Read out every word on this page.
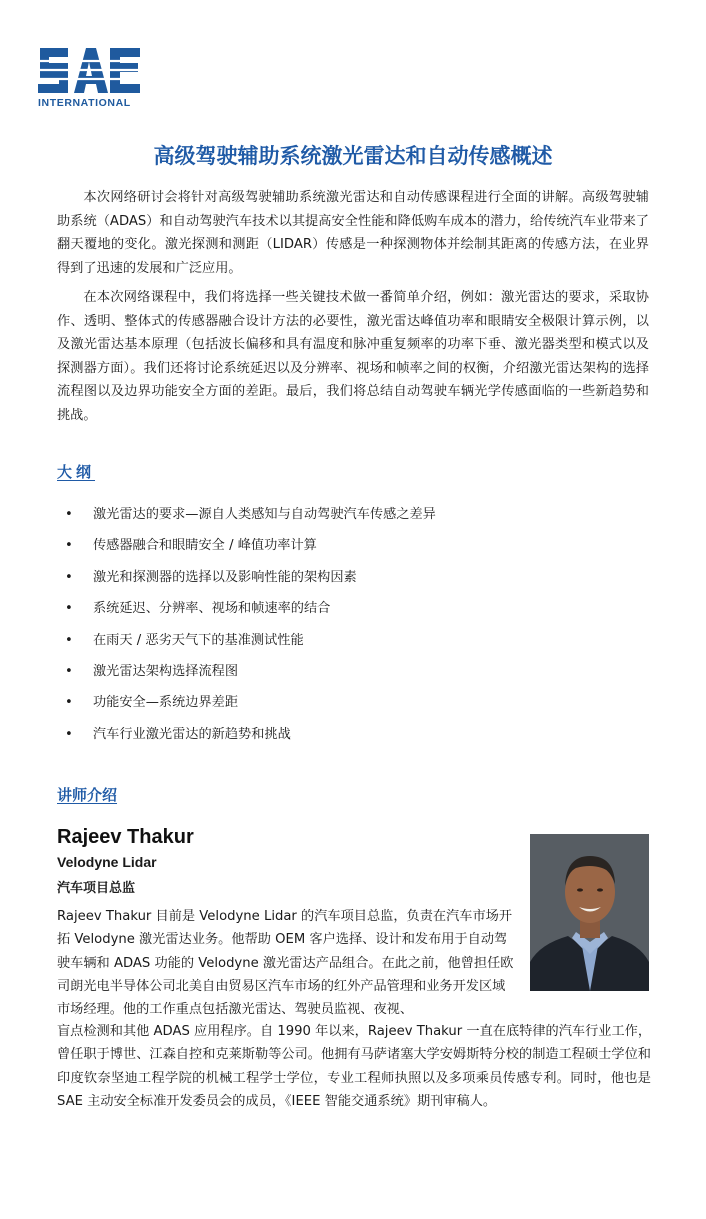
INTERNATIONAL
高级驾驶辅助系统激光雷达和自动传感概述

本次网络研讨会将针对高级驾驶辅助系统激光雷达和自动传感课程进行全面的讲解。高级驾驶辅助系统（ADAS）和自动驾驶汽车技术以其提高安全性能和降低购车成本的潜力，给传统汽车业带来了翻天覆地的变化。激光探测和测距（LIDAR）传感是一种探测物体并绘制其距离的传感方法，在业界得到了迅速的发展和广泛应用。

在本次网络课程中，我们将选择一些关键技术做一番简单介绍，例如：激光雷达的要求，采取协作、透明、整体式的传感器融合设计方法的必要性，激光雷达峰值功率和眼睛安全极限计算示例，以及激光雷达基本原理（包括波长偏移和具有温度和脉冲重复频率的功率下垂、激光器类型和模式以及探测器方面）。我们还将讨论系统延迟以及分辨率、视场和帧率之间的权衡，介绍激光雷达架构的选择流程图以及边界功能安全方面的差距。最后，我们将总结自动驾驶车辆光学传感面临的一些新趋势和挑战。

大纲
• 激光雷达的要求—源自人类感知与自动驾驶汽车传感之差异
• 传感器融合和眼睛安全 / 峰值功率计算
• 激光和探测器的选择以及影响性能的架构因素
• 系统延迟、分辨率、视场和帧速率的结合
• 在雨天 / 恶劣天气下的基准测试性能
• 激光雷达架构选择流程图
• 功能安全—系统边界差距
• 汽车行业激光雷达的新趋势和挑战
讲师介绍
Rajeev Thakur
Velodyne Lidar
汽车项目总监

Rajeev Thakur 目前是 Velodyne Lidar 的汽车项目总监，负责在汽车市场开拓 Velodyne 激光雷达业务。他帮助 OEM 客户选择、设计和发布用于自动驾驶车辆和 ADAS 功能的 Velodyne 激光雷达产品组合。在此之前，他曾担任欧司朗光电半导体公司北美自由贸易区汽车市场的红外产品管理和业务开发区域市场经理。他的工作重点包括激光雷达、驾驶员监视、夜视、

盲点检测和其他 ADAS 应用程序。自 1990 年以来，Rajeev Thakur 一直在底特律的汽车行业工作，曾任职于博世、江森自控和克莱斯勒等公司。他拥有马萨诸塞大学安姆斯特分校的制造工程硕士学位和印度钦奈坚迪工程学院的机械工程学士学位，专业工程师执照以及多项乘员传感专利。同时，他也是 SAE 主动安全标准开发委员会的成员，《IEEE 智能交通系统》期刊审稿人。
